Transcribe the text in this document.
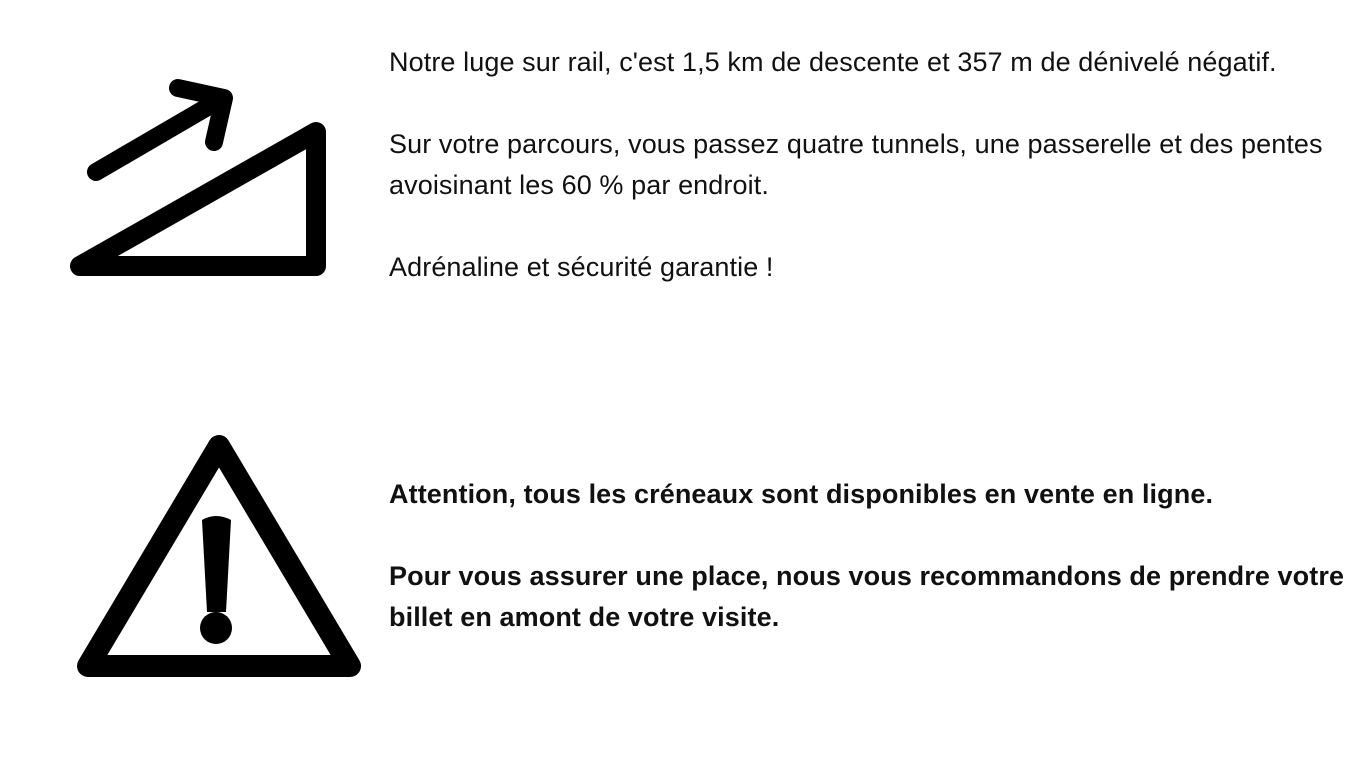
Notre luge sur rail, c'est 1,5 km de descente et 357 m de dénivelé négatif.

Sur votre parcours, vous passez quatre tunnels, une passerelle et des pentes avoisinant les 60 % par endroit.

Adrénaline et sécurité garantie !

Attention, tous les créneaux sont disponibles en vente en ligne.

Pour vous assurer une place, nous vous recommandons de prendre votre billet en amont de votre visite.
